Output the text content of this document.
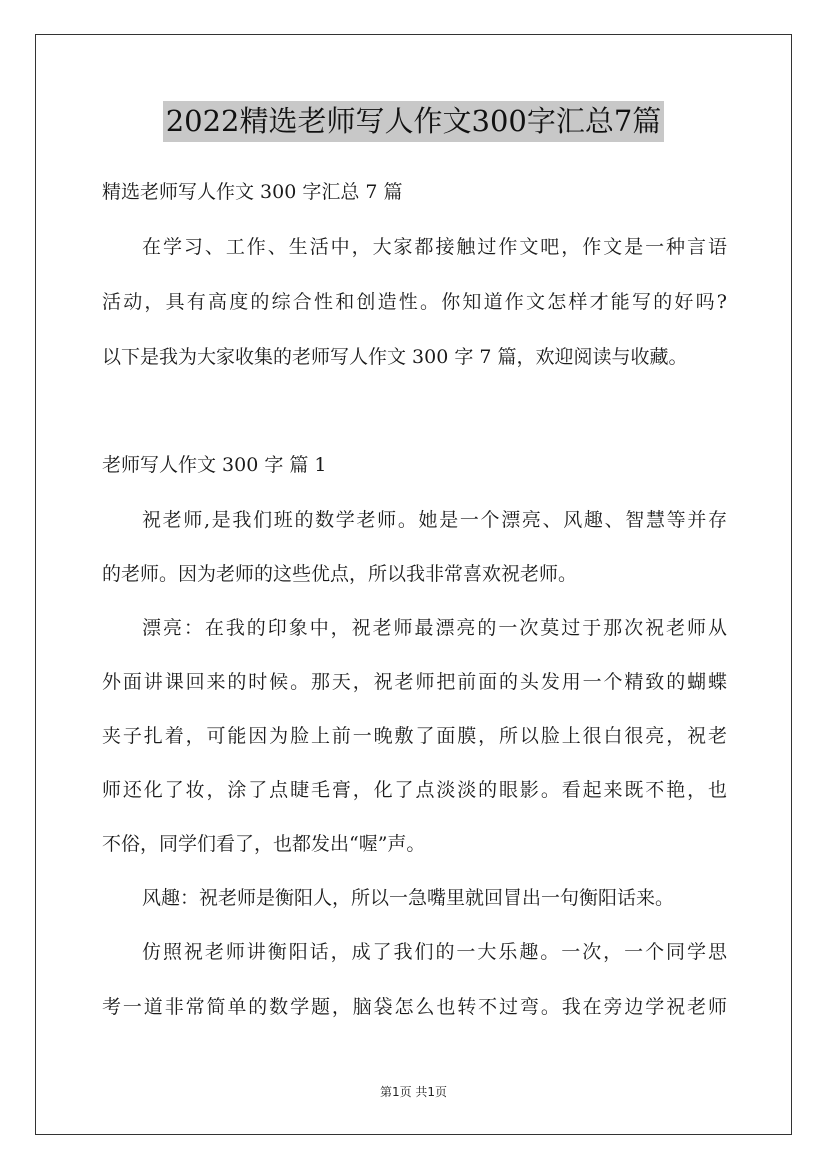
2022精选老师写人作文300字汇总7篇
精选老师写人作文 300 字汇总 7 篇
在学习、工作、生活中，大家都接触过作文吧，作文是一种言语
活动，具有高度的综合性和创造性。你知道作文怎样才能写的好吗?
以下是我为大家收集的老师写人作文 300 字 7 篇，欢迎阅读与收藏。
老师写人作文 300 字 篇 1
祝老师,是我们班的数学老师。她是一个漂亮、风趣、智慧等并存
的老师。因为老师的这些优点，所以我非常喜欢祝老师。
漂亮：在我的印象中，祝老师最漂亮的一次莫过于那次祝老师从
外面讲课回来的时候。那天，祝老师把前面的头发用一个精致的蝴蝶
夹子扎着，可能因为脸上前一晚敷了面膜，所以脸上很白很亮，祝老
师还化了妆，涂了点睫毛膏，化了点淡淡的眼影。看起来既不艳，也
不俗，同学们看了，也都发出“喔”声。
风趣：祝老师是衡阳人，所以一急嘴里就回冒出一句衡阳话来。
仿照祝老师讲衡阳话，成了我们的一大乐趣。一次，一个同学思
考一道非常简单的数学题，脑袋怎么也转不过弯。我在旁边学祝老师
第1页 共1页
